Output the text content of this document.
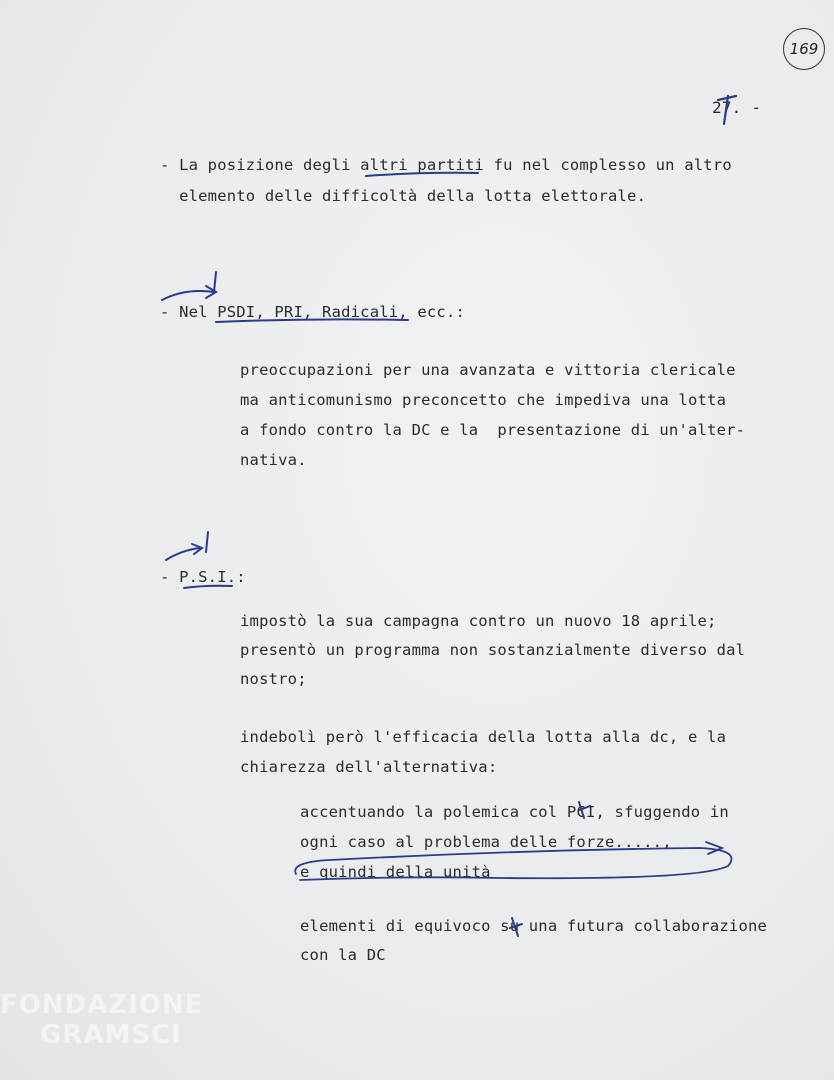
169
27. -
- La posizione degli altri partiti fu nel complesso un altro
elemento delle difficoltà della lotta elettorale.
- Nel PSDI, PRI, Radicali, ecc.:
preoccupazioni per una avanzata e vittoria clericale
ma anticomunismo preconcetto che impediva una lotta
a fondo contro la DC e la  presentazione di un'alter-
nativa.
- P.S.I.:
impostò la sua campagna contro un nuovo 18 aprile;
presentò un programma non sostanzialmente diverso dal
nostro;
indebolì però l'efficacia della lotta alla dc, e la
chiarezza dell'alternativa:
accentuando la polemica col PCI, sfuggendo in
ogni caso al problema delle forze.....,
e quindi della unità
elementi di equivoco su una futura collaborazione
con la DC
FONDAZIONE
GRAMSCI
